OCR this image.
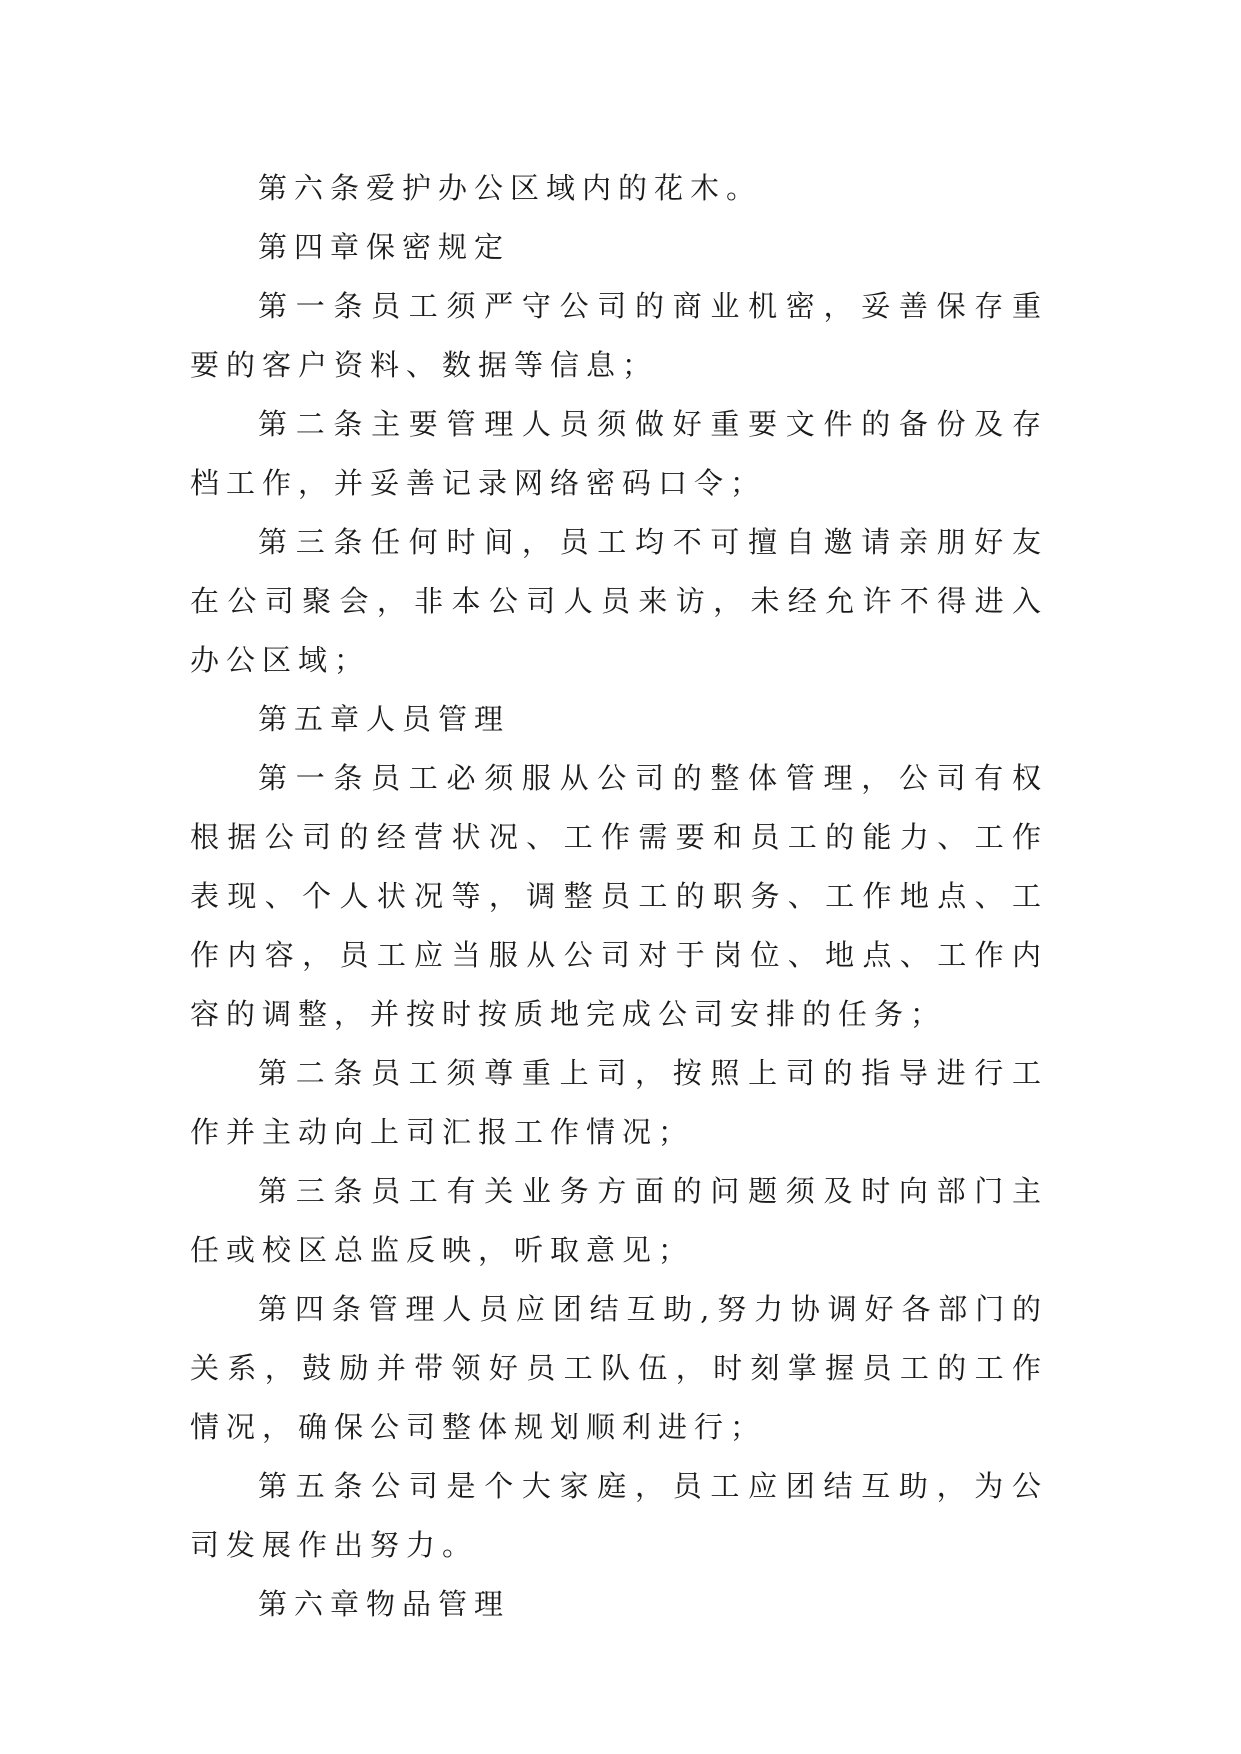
第六条爱护办公区域内的花木。

第四章保密规定

第一条员工须严守公司的商业机密，妥善保存重要的客户资料、数据等信息；

第二条主要管理人员须做好重要文件的备份及存档工作，并妥善记录网络密码口令；

第三条任何时间，员工均不可擅自邀请亲朋好友在公司聚会，非本公司人员来访，未经允许不得进入办公区域；

第五章人员管理

第一条员工必须服从公司的整体管理，公司有权根据公司的经营状况、工作需要和员工的能力、工作表现、个人状况等，调整员工的职务、工作地点、工作内容，员工应当服从公司对于岗位、地点、工作内容的调整，并按时按质地完成公司安排的任务；

第二条员工须尊重上司，按照上司的指导进行工作并主动向上司汇报工作情况；

第三条员工有关业务方面的问题须及时向部门主任或校区总监反映，听取意见；

第四条管理人员应团结互助,努力协调好各部门的关系，鼓励并带领好员工队伍，时刻掌握员工的工作情况，确保公司整体规划顺利进行；

第五条公司是个大家庭，员工应团结互助，为公司发展作出努力。

第六章物品管理
